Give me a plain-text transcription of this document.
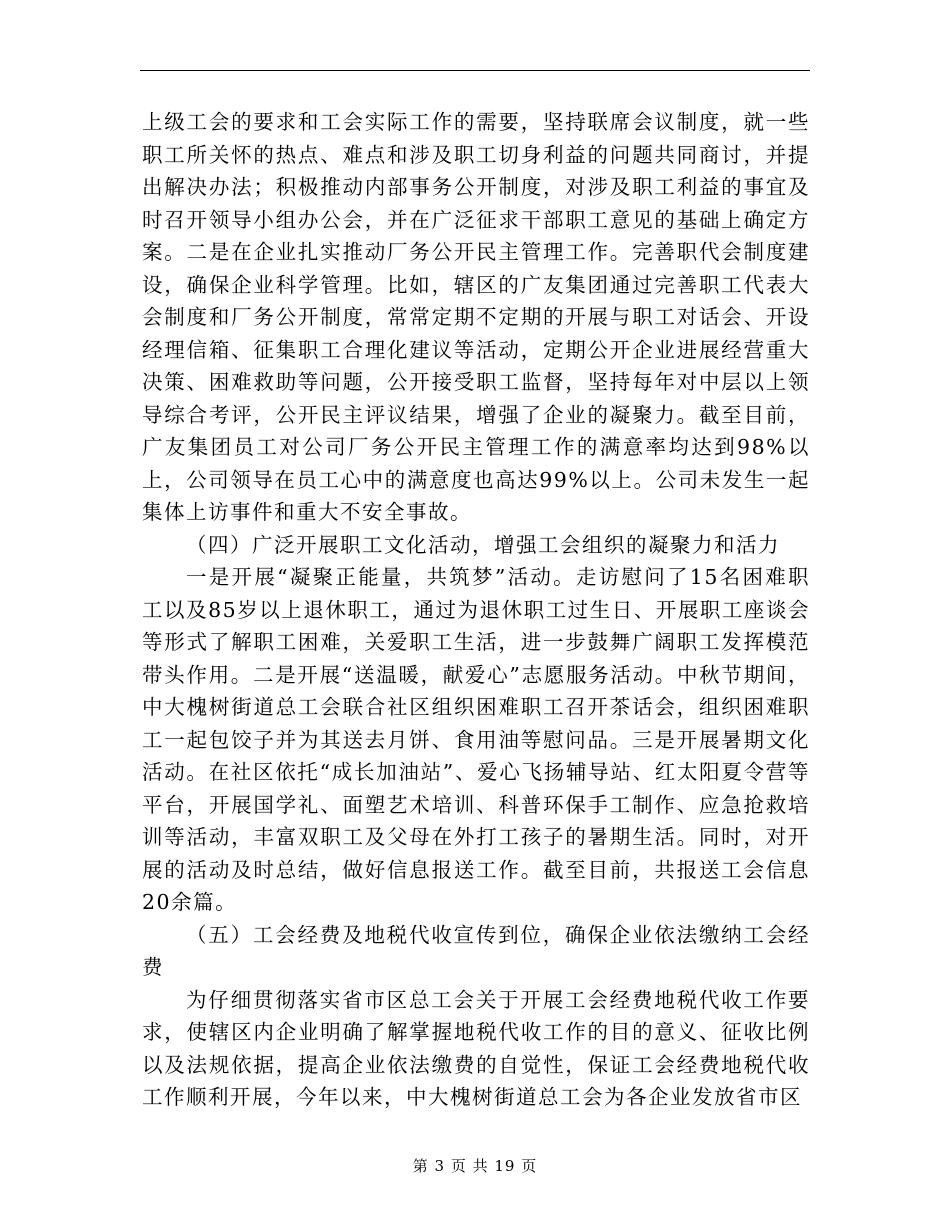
上级工会的要求和工会实际工作的需要，坚持联席会议制度，就一些职工所关怀的热点、难点和涉及职工切身利益的问题共同商讨，并提出解决办法；积极推动内部事务公开制度，对涉及职工利益的事宜及时召开领导小组办公会，并在广泛征求干部职工意见的基础上确定方案。二是在企业扎实推动厂务公开民主管理工作。完善职代会制度建设，确保企业科学管理。比如，辖区的广友集团通过完善职工代表大会制度和厂务公开制度，常常定期不定期的开展与职工对话会、开设经理信箱、征集职工合理化建议等活动，定期公开企业进展经营重大决策、困难救助等问题，公开接受职工监督，坚持每年对中层以上领导综合考评，公开民主评议结果，增强了企业的凝聚力。截至目前，广友集团员工对公司厂务公开民主管理工作的满意率均达到98%以上，公司领导在员工心中的满意度也高达99%以上。公司未发生一起集体上访事件和重大不安全事故。

（四）广泛开展职工文化活动，增强工会组织的凝聚力和活力

一是开展“凝聚正能量，共筑梦”活动。走访慰问了15名困难职工以及85岁以上退休职工，通过为退休职工过生日、开展职工座谈会等形式了解职工困难，关爱职工生活，进一步鼓舞广阔职工发挥模范带头作用。二是开展“送温暖，献爱心”志愿服务活动。中秋节期间，中大槐树街道总工会联合社区组织困难职工召开茶话会，组织困难职工一起包饺子并为其送去月饼、食用油等慰问品。三是开展暑期文化活动。在社区依托“成长加油站”、爱心飞扬辅导站、红太阳夏令营等平台，开展国学礼、面塑艺术培训、科普环保手工制作、应急抢救培训等活动，丰富双职工及父母在外打工孩子的暑期生活。同时，对开展的活动及时总结，做好信息报送工作。截至目前，共报送工会信息20余篇。

（五）工会经费及地税代收宣传到位，确保企业依法缴纳工会经费

为仔细贯彻落实省市区总工会关于开展工会经费地税代收工作要求，使辖区内企业明确了解掌握地税代收工作的目的意义、征收比例以及法规依据，提高企业依法缴费的自觉性，保证工会经费地税代收工作顺利开展，今年以来，中大槐树街道总工会为各企业发放省市区

第 3 页 共 19 页
